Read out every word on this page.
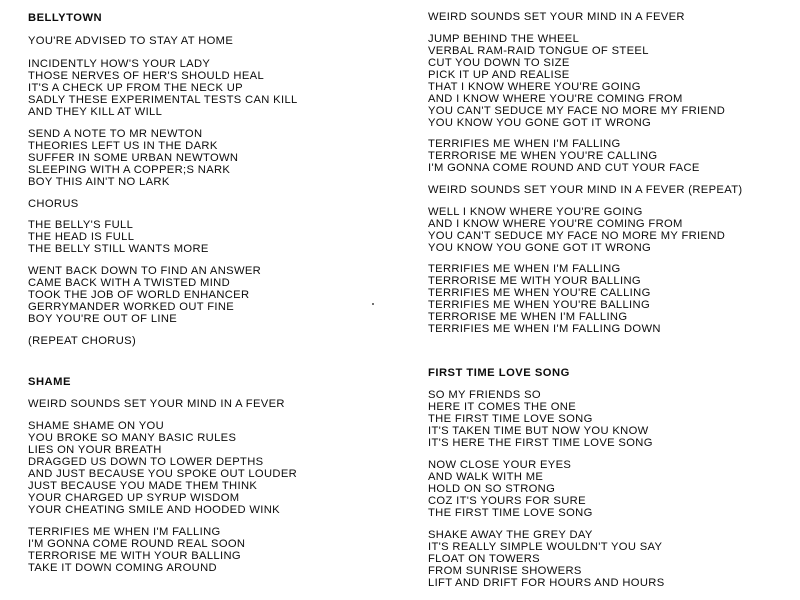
BELLYTOWN
YOU'RE ADVISED TO STAY AT HOME
INCIDENTLY HOW'S YOUR LADY
THOSE NERVES OF HER'S SHOULD HEAL
IT'S A CHECK UP FROM THE NECK UP
SADLY THESE EXPERIMENTAL TESTS CAN KILL
AND THEY KILL AT WILL
SEND A NOTE TO MR NEWTON
THEORIES LEFT US IN THE DARK
SUFFER IN SOME URBAN NEWTOWN
SLEEPING WITH A COPPER;S NARK
BOY THIS AIN'T NO LARK
CHORUS
THE BELLY'S FULL
THE HEAD IS FULL
THE BELLY STILL WANTS MORE
WENT BACK DOWN TO FIND AN ANSWER
CAME BACK WITH A TWISTED MIND
TOOK THE JOB OF WORLD ENHANCER
GERRYMANDER WORKED OUT FINE
BOY YOU'RE OUT OF LINE
(REPEAT CHORUS)
SHAME
WEIRD SOUNDS SET YOUR MIND IN A FEVER
SHAME SHAME ON YOU
YOU BROKE SO MANY BASIC RULES
LIES ON YOUR BREATH
DRAGGED US DOWN TO LOWER DEPTHS
AND JUST BECAUSE YOU SPOKE OUT LOUDER
JUST BECAUSE YOU MADE THEM THINK
YOUR CHARGED UP SYRUP WISDOM
YOUR CHEATING SMILE AND HOODED WINK
TERRIFIES ME WHEN I'M FALLING
I'M GONNA COME ROUND REAL SOON
TERRORISE ME WITH YOUR BALLING
TAKE IT DOWN COMING AROUND
WEIRD SOUNDS SET YOUR MIND IN A FEVER
JUMP BEHIND THE WHEEL
VERBAL RAM-RAID TONGUE OF STEEL
CUT YOU DOWN TO SIZE
PICK IT UP AND REALISE
THAT I KNOW WHERE YOU'RE GOING
AND I KNOW WHERE YOU'RE COMING FROM
YOU CAN'T SEDUCE MY FACE NO MORE MY FRIEND
YOU KNOW YOU GONE GOT IT WRONG
TERRIFIES ME WHEN I'M FALLING
TERRORISE ME WHEN YOU'RE CALLING
I'M GONNA COME ROUND AND CUT YOUR FACE
WEIRD SOUNDS SET YOUR MIND IN A FEVER (REPEAT)
WELL I KNOW WHERE YOU'RE GOING
AND I KNOW WHERE YOU'RE COMING FROM
YOU CAN'T SEDUCE MY FACE NO MORE MY FRIEND
YOU KNOW YOU GONE GOT IT WRONG
TERRIFIES ME WHEN I'M FALLING
TERRORISE ME WITH YOUR BALLING
TERRIFIES ME WHEN YOU'RE CALLING
TERRIFIES ME WHEN YOU'RE BALLING
TERRORISE ME WHEN I'M FALLING
TERRIFIES ME WHEN I'M FALLING DOWN
FIRST TIME LOVE SONG
SO MY FRIENDS SO
HERE IT COMES THE ONE
THE FIRST TIME LOVE SONG
IT'S TAKEN TIME BUT NOW YOU KNOW
IT'S HERE THE FIRST TIME LOVE SONG
NOW CLOSE YOUR EYES
AND WALK WITH ME
HOLD ON SO STRONG
COZ IT'S YOURS FOR SURE
THE FIRST TIME LOVE SONG
SHAKE AWAY THE GREY DAY
IT'S REALLY SIMPLE WOULDN'T YOU SAY
FLOAT ON TOWERS
FROM SUNRISE SHOWERS
LIFT AND DRIFT FOR HOURS AND HOURS
